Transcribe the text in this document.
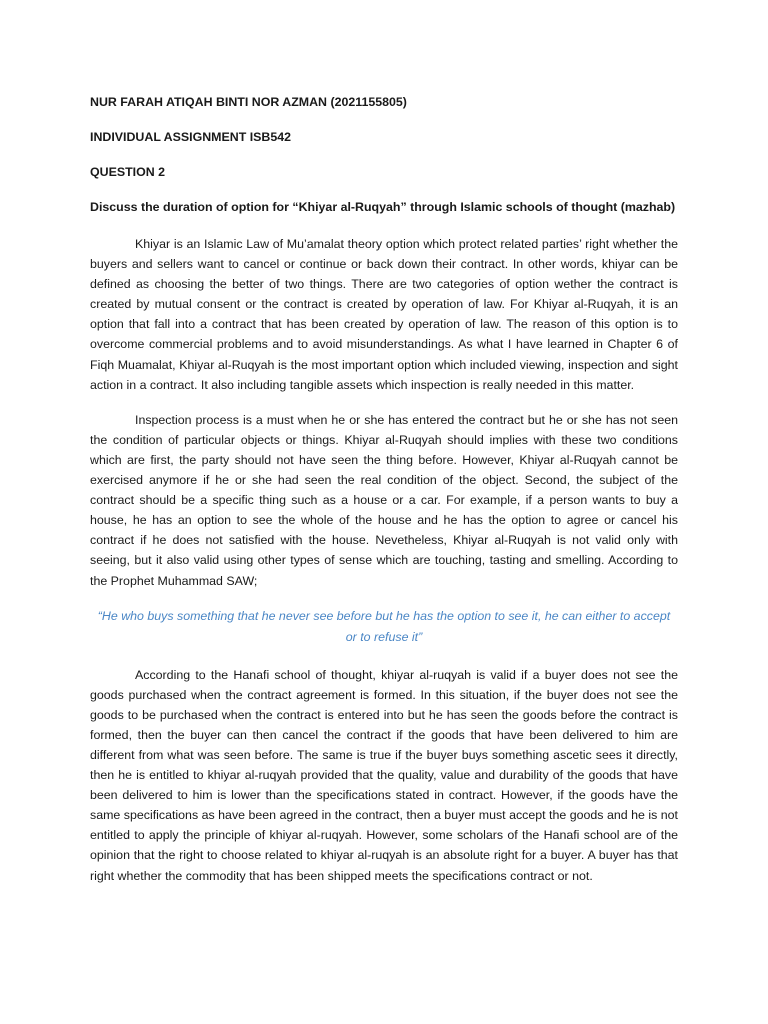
NUR FARAH ATIQAH BINTI NOR AZMAN (2021155805)

INDIVIDUAL ASSIGNMENT ISB542

QUESTION 2

Discuss the duration of option for “Khiyar al-Ruqyah” through Islamic schools of thought (mazhab)

Khiyar is an Islamic Law of Mu’amalat theory option which protect related parties’ right whether the buyers and sellers want to cancel or continue or back down their contract. In other words, khiyar can be defined as choosing the better of two things. There are two categories of option wether the contract is created by mutual consent or the contract is created by operation of law. For Khiyar al-Ruqyah, it is an option that fall into a contract that has been created by operation of law. The reason of this option is to overcome commercial problems and to avoid misunderstandings. As what I have learned in Chapter 6 of Fiqh Muamalat, Khiyar al-Ruqyah is the most important option which included viewing, inspection and sight action in a contract. It also including tangible assets which inspection is really needed in this matter.

Inspection process is a must when he or she has entered the contract but he or she has not seen the condition of particular objects or things. Khiyar al-Ruqyah should implies with these two conditions which are first, the party should not have seen the thing before. However, Khiyar al-Ruqyah cannot be exercised anymore if he or she had seen the real condition of the object. Second, the subject of the contract should be a specific thing such as a house or a car. For example, if a person wants to buy a house, he has an option to see the whole of the house and he has the option to agree or cancel his contract if he does not satisfied with the house. Nevetheless, Khiyar al-Ruqyah is not valid only with seeing, but it also valid using other types of sense which are touching, tasting and smelling. According to the Prophet Muhammad SAW;

“He who buys something that he never see before but he has the option to see it, he can either to accept or to refuse it”

According to the Hanafi school of thought, khiyar al-ruqyah is valid if a buyer does not see the goods purchased when the contract agreement is formed. In this situation, if the buyer does not see the goods to be purchased when the contract is entered into but he has seen the goods before the contract is formed, then the buyer can then cancel the contract if the goods that have been delivered to him are different from what was seen before. The same is true if the buyer buys something ascetic sees it directly, then he is entitled to khiyar al-ruqyah provided that the quality, value and durability of the goods that have been delivered to him is lower than the specifications stated in contract. However, if the goods have the same specifications as have been agreed in the contract, then a buyer must accept the goods and he is not entitled to apply the principle of khiyar al-ruqyah. However, some scholars of the Hanafi school are of the opinion that the right to choose related to khiyar al-ruqyah is an absolute right for a buyer. A buyer has that right whether the commodity that has been shipped meets the specifications contract or not.
